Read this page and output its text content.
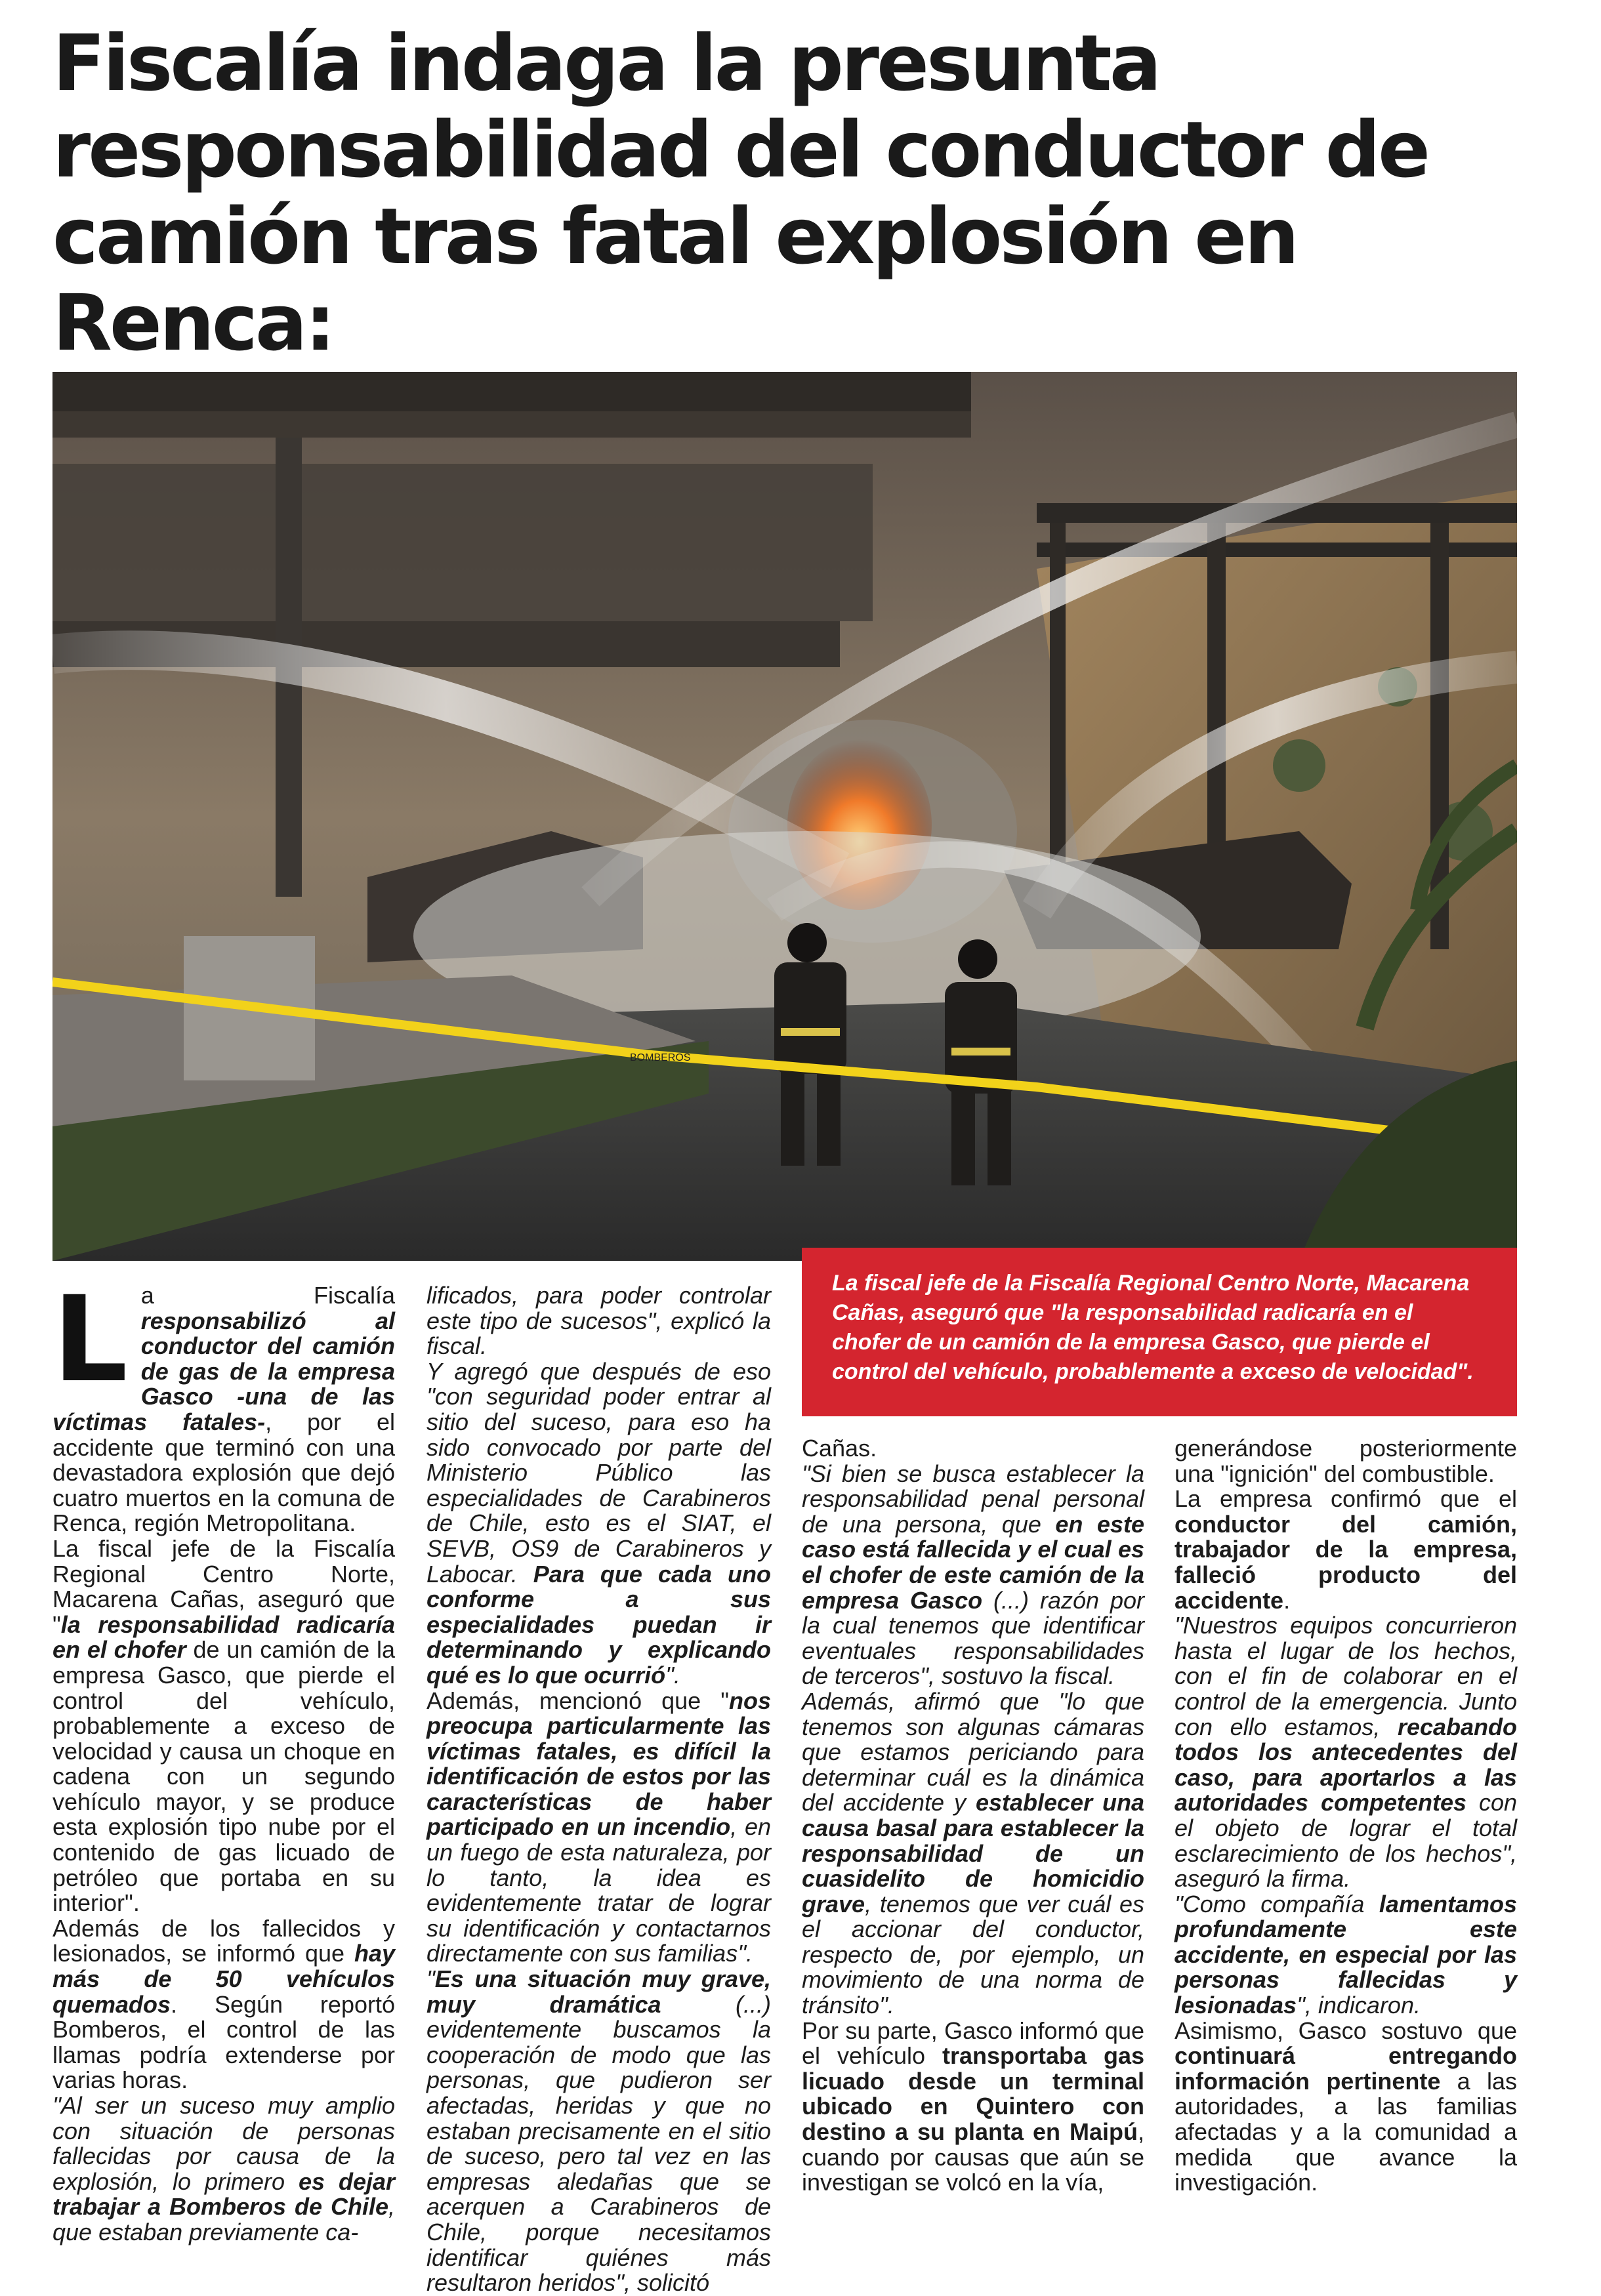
Fiscalía indaga la presunta
responsabilidad del conductor de
camión tras fatal explosión en Renca:

BOMBEROS

La fiscal jefe de la Fiscalía Regional Centro Norte, Macarena Cañas, aseguró que "la responsabilidad radicaría en el chofer de un camión de la empresa Gasco, que pierde el control del vehículo, probablemente a exceso de velocidad".

L a Fiscalía responsabilizó al conductor del camión de gas de la empresa Gasco -una de las víctimas fatales-, por el accidente que terminó con una devastadora explosión que dejó cuatro muertos en la comuna de Renca, región Metropolitana.

La fiscal jefe de la Fiscalía Regional Centro Norte, Macarena Cañas, aseguró que "la responsabilidad radicaría en el chofer de un camión de la empresa Gasco, que pierde el control del vehículo, probablemente a exceso de velocidad y causa un choque en cadena con un segundo vehículo mayor, y se produce esta explosión tipo nube por el contenido de gas licuado de petróleo que portaba en su interior".

Además de los fallecidos y lesionados, se informó que hay más de 50 vehículos quemados. Según reportó Bomberos, el control de las llamas podría extenderse por varias horas.

"Al ser un suceso muy amplio con situación de personas fallecidas por causa de la explosión, lo primero es dejar trabajar a Bomberos de Chile, que estaban previamente ca-

lificados, para poder controlar este tipo de sucesos", explicó la fiscal.

Y agregó que después de eso "con seguridad poder entrar al sitio del suceso, para eso ha sido convocado por parte del Ministerio Público las especialidades de Carabineros de Chile, esto es el SIAT, el SEVB, OS9 de Carabineros y Labocar. Para que cada uno conforme a sus especialidades puedan ir determinando y explicando qué es lo que ocurrió".

Además, mencionó que "nos preocupa particularmente las víctimas fatales, es difícil la identificación de estos por las características de haber participado en un incendio, en un fuego de esta naturaleza, por lo tanto, la idea es evidentemente tratar de lograr su identificación y contactarnos directamente con sus familias".

"Es una situación muy grave, muy dramática (...) evidentemente buscamos la cooperación de modo que las personas, que pudieron ser afectadas, heridas y que no estaban precisamente en el sitio de suceso, pero tal vez en las empresas aledañas que se acerquen a Carabineros de Chile, porque necesitamos identificar quiénes más resultaron heridos", solicitó

Cañas.

"Si bien se busca establecer la responsabilidad penal personal de una persona, que en este caso está fallecida y el cual es el chofer de este camión de la empresa Gasco (...) razón por la cual tenemos que identificar eventuales responsabilidades de terceros", sostuvo la fiscal.

Además, afirmó que "lo que tenemos son algunas cámaras que estamos periciando para determinar cuál es la dinámica del accidente y establecer una causa basal para establecer la responsabilidad de un cuasidelito de homicidio grave, tenemos que ver cuál es el accionar del conductor, respecto de, por ejemplo, un movimiento de una norma de tránsito".

Por su parte, Gasco informó que el vehículo transportaba gas licuado desde un terminal ubicado en Quintero con destino a su planta en Maipú, cuando por causas que aún se investigan se volcó en la vía,

generándose posteriormente una "ignición" del combustible.

La empresa confirmó que el conductor del camión, trabajador de la empresa, falleció producto del accidente.

"Nuestros equipos concurrieron hasta el lugar de los hechos, con el fin de colaborar en el control de la emergencia. Junto con ello estamos, recabando todos los antecedentes del caso, para aportarlos a las autoridades competentes con el objeto de lograr el total esclarecimiento de los hechos", aseguró la firma.

"Como compañía lamentamos profundamente este accidente, en especial por las personas fallecidas y lesionadas", indicaron.

Asimismo, Gasco sostuvo que continuará entregando información pertinente a las autoridades, a las familias afectadas y a la comunidad a medida que avance la investigación.
